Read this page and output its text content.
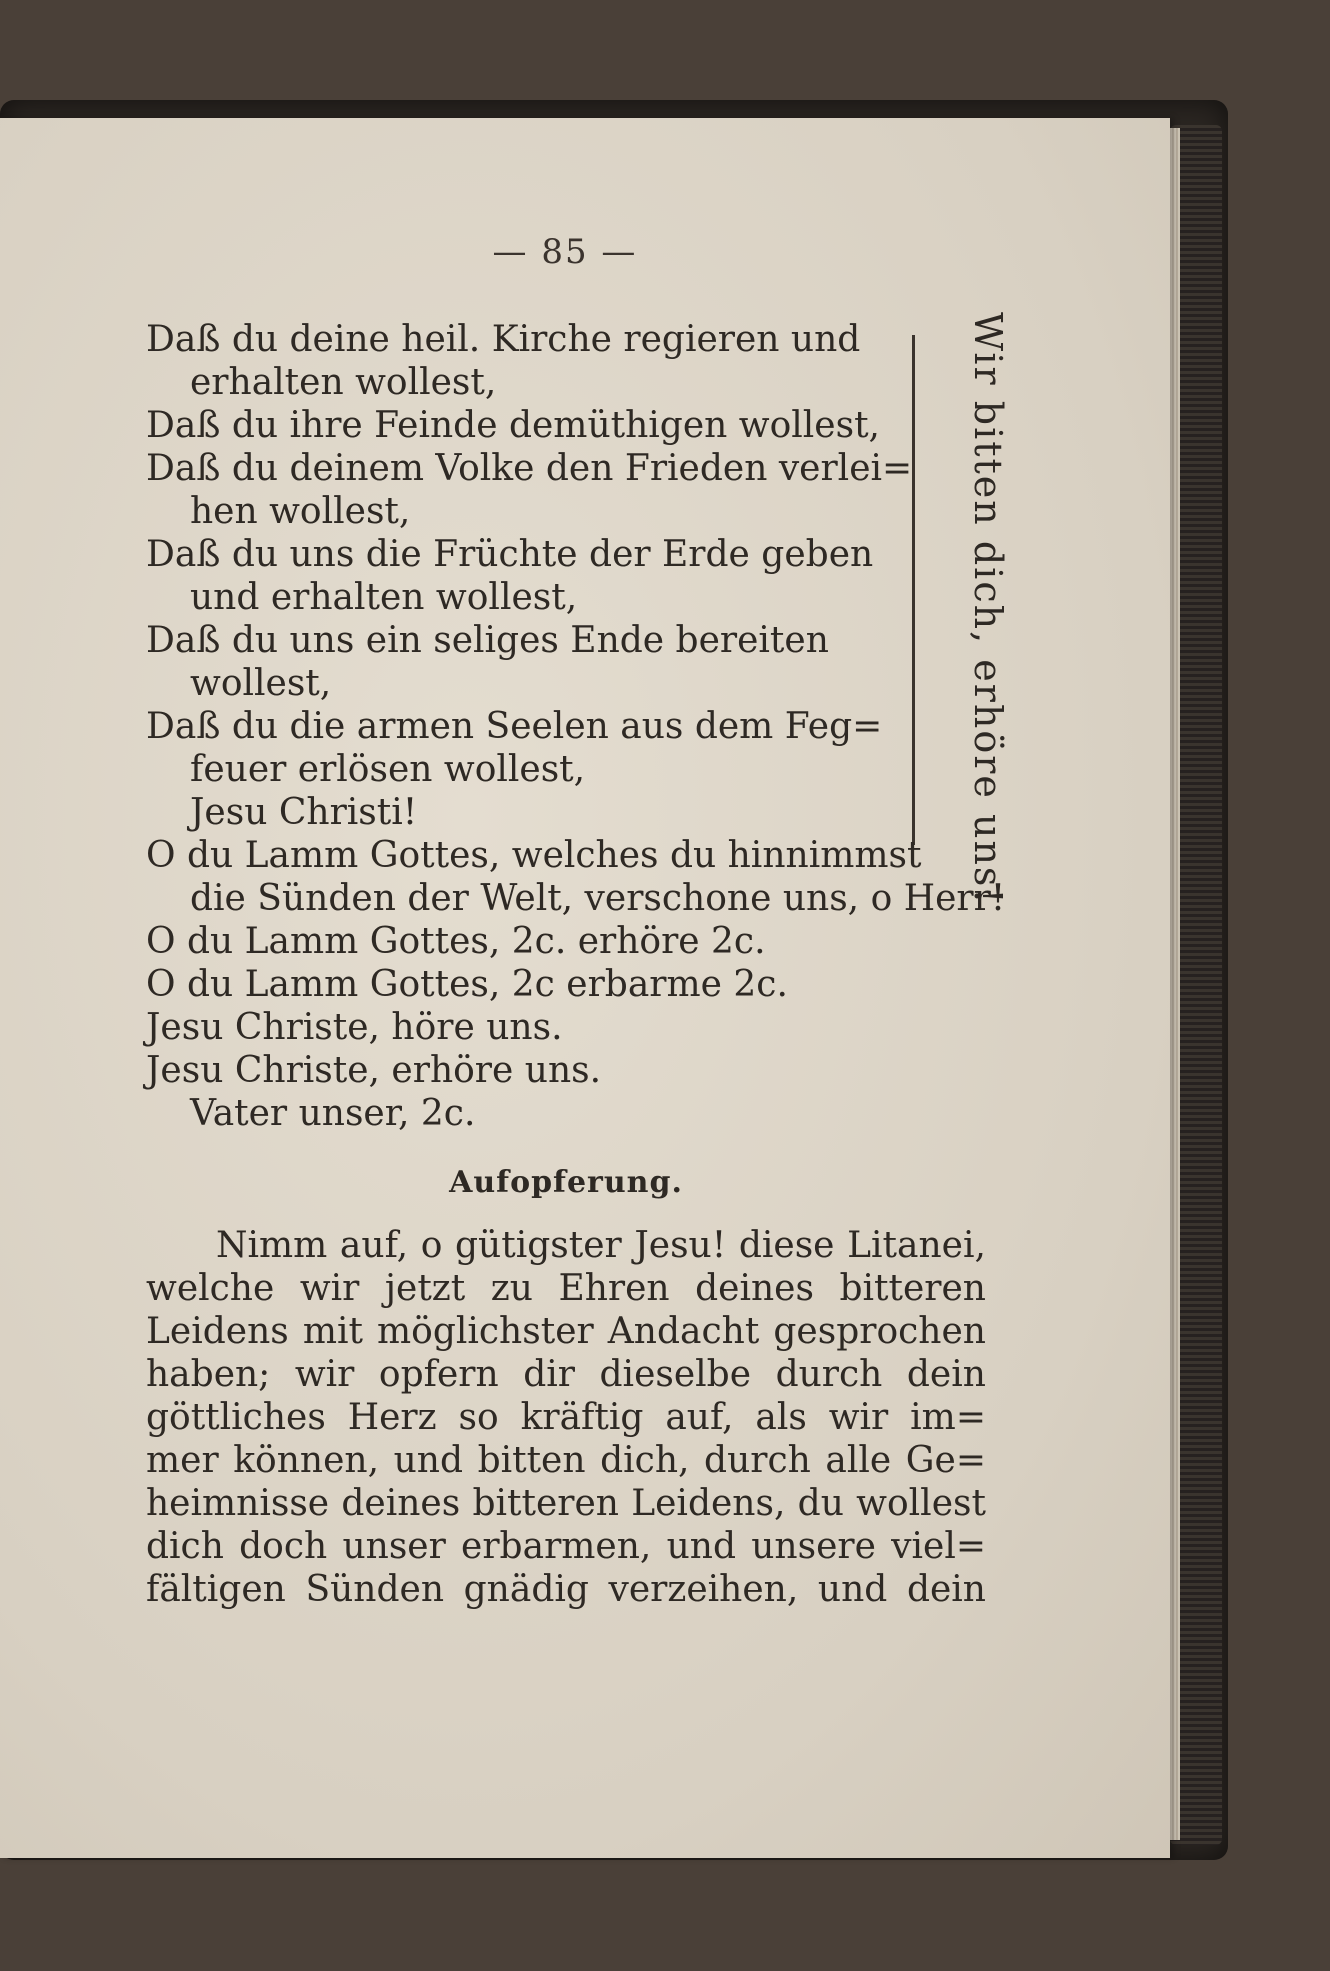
— 85 —
Wir bitten dich, erhöre uns!
Daß du deine heil. Kirche regieren und
erhalten wollest,
Daß du ihre Feinde demüthigen wollest,
Daß du deinem Volke den Frieden verlei=
hen wollest,
Daß du uns die Früchte der Erde geben
und erhalten wollest,
Daß du uns ein seliges Ende bereiten
wollest,
Daß du die armen Seelen aus dem Feg=
feuer erlösen wollest,
Jesu Christi!
O du Lamm Gottes, welches du hinnimmst
die Sünden der Welt, verschone uns, o Herr!
O du Lamm Gottes, 2c. erhöre 2c.
O du Lamm Gottes, 2c erbarme 2c.
Jesu Christe, höre uns.
Jesu Christe, erhöre uns.
Vater unser, 2c.
Aufopferung.
Nimm auf, o gütigster Jesu! diese Litanei,
welche wir jetzt zu Ehren deines bitteren
Leidens mit möglichster Andacht gesprochen
haben; wir opfern dir dieselbe durch dein
göttliches Herz so kräftig auf, als wir im=
mer können, und bitten dich, durch alle Ge=
heimnisse deines bitteren Leidens, du wollest
dich doch unser erbarmen, und unsere viel=
fältigen Sünden gnädig verzeihen, und dein
